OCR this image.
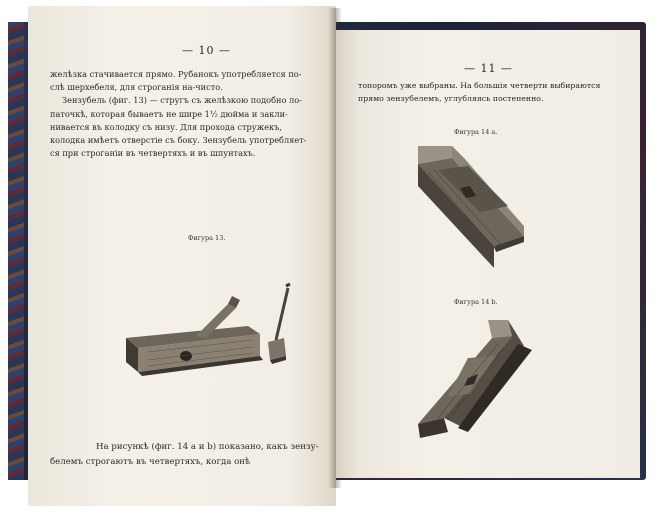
— 10 —
желѣзка стачивается прямо. Рубанокъ употребляется по-
слѣ шерхебеля, для строганія на-чисто.
Зензубель (фиг. 13) — стругъ съ желѣзкою подобно ло-
паточкѣ, которая бываетъ не шире 1½ дюйма и закли-
нивается въ колодку съ низу. Для прохода стружекъ,
колодка имѣетъ отверстіе съ боку. Зензубель употребляет-
ся при строганіи въ четвертяхъ и въ шпунтахъ.
Фигура 13.
На рисункѣ (фиг. 14 а и b) показано, какъ зензу-
белемъ строгаютъ въ четвертяхъ, когда онѣ
— 11 —
топоромъ уже выбраны. На большія четверти выбираются
прямо зензубелемъ, углубляясь постепенно.
Фигура 14 a.
Фигура 14 b.
